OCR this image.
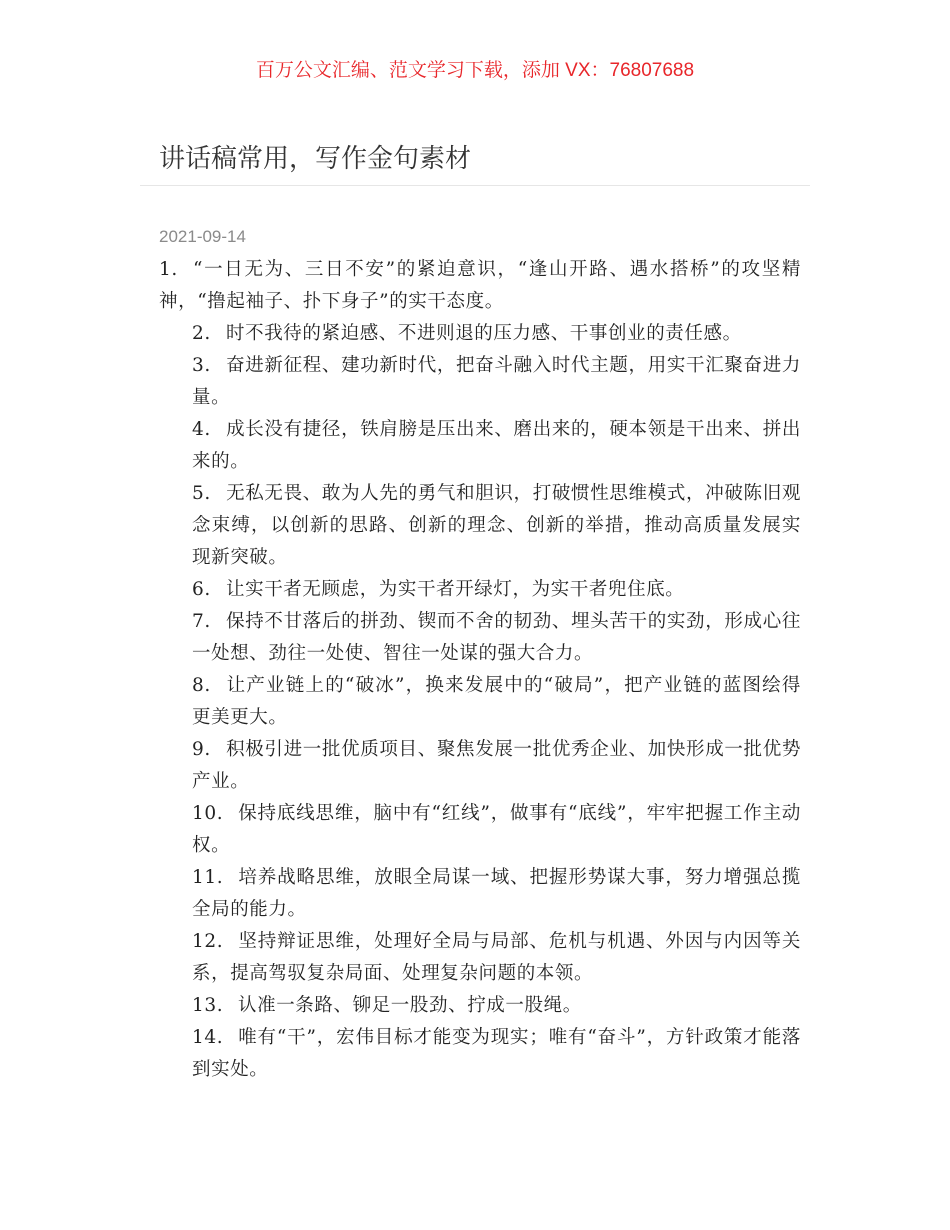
百万公文汇编、范文学习下载，添加 VX：76807688
讲话稿常用，写作金句素材
2021-09-14

1. “一日无为、三日不安”的紧迫意识，“逢山开路、遇水搭桥”的攻坚精神，“撸起袖子、扑下身子”的实干态度。

2. 时不我待的紧迫感、不进则退的压力感、干事创业的责任感。

3. 奋进新征程、建功新时代，把奋斗融入时代主题，用实干汇聚奋进力量。

4. 成长没有捷径，铁肩膀是压出来、磨出来的，硬本领是干出来、拼出来的。

5. 无私无畏、敢为人先的勇气和胆识，打破惯性思维模式，冲破陈旧观念束缚，以创新的思路、创新的理念、创新的举措，推动高质量发展实现新突破。

6. 让实干者无顾虑，为实干者开绿灯，为实干者兜住底。

7. 保持不甘落后的拼劲、锲而不舍的韧劲、埋头苦干的实劲，形成心往一处想、劲往一处使、智往一处谋的强大合力。

8. 让产业链上的“破冰”，换来发展中的“破局”，把产业链的蓝图绘得更美更大。

9. 积极引进一批优质项目、聚焦发展一批优秀企业、加快形成一批优势产业。

10. 保持底线思维，脑中有“红线”，做事有“底线”，牢牢把握工作主动权。

11. 培养战略思维，放眼全局谋一域、把握形势谋大事，努力增强总揽全局的能力。

12. 坚持辩证思维，处理好全局与局部、危机与机遇、外因与内因等关系，提高驾驭复杂局面、处理复杂问题的本领。

13. 认准一条路、铆足一股劲、拧成一股绳。

14. 唯有“干”，宏伟目标才能变为现实；唯有“奋斗”，方针政策才能落到实处。
